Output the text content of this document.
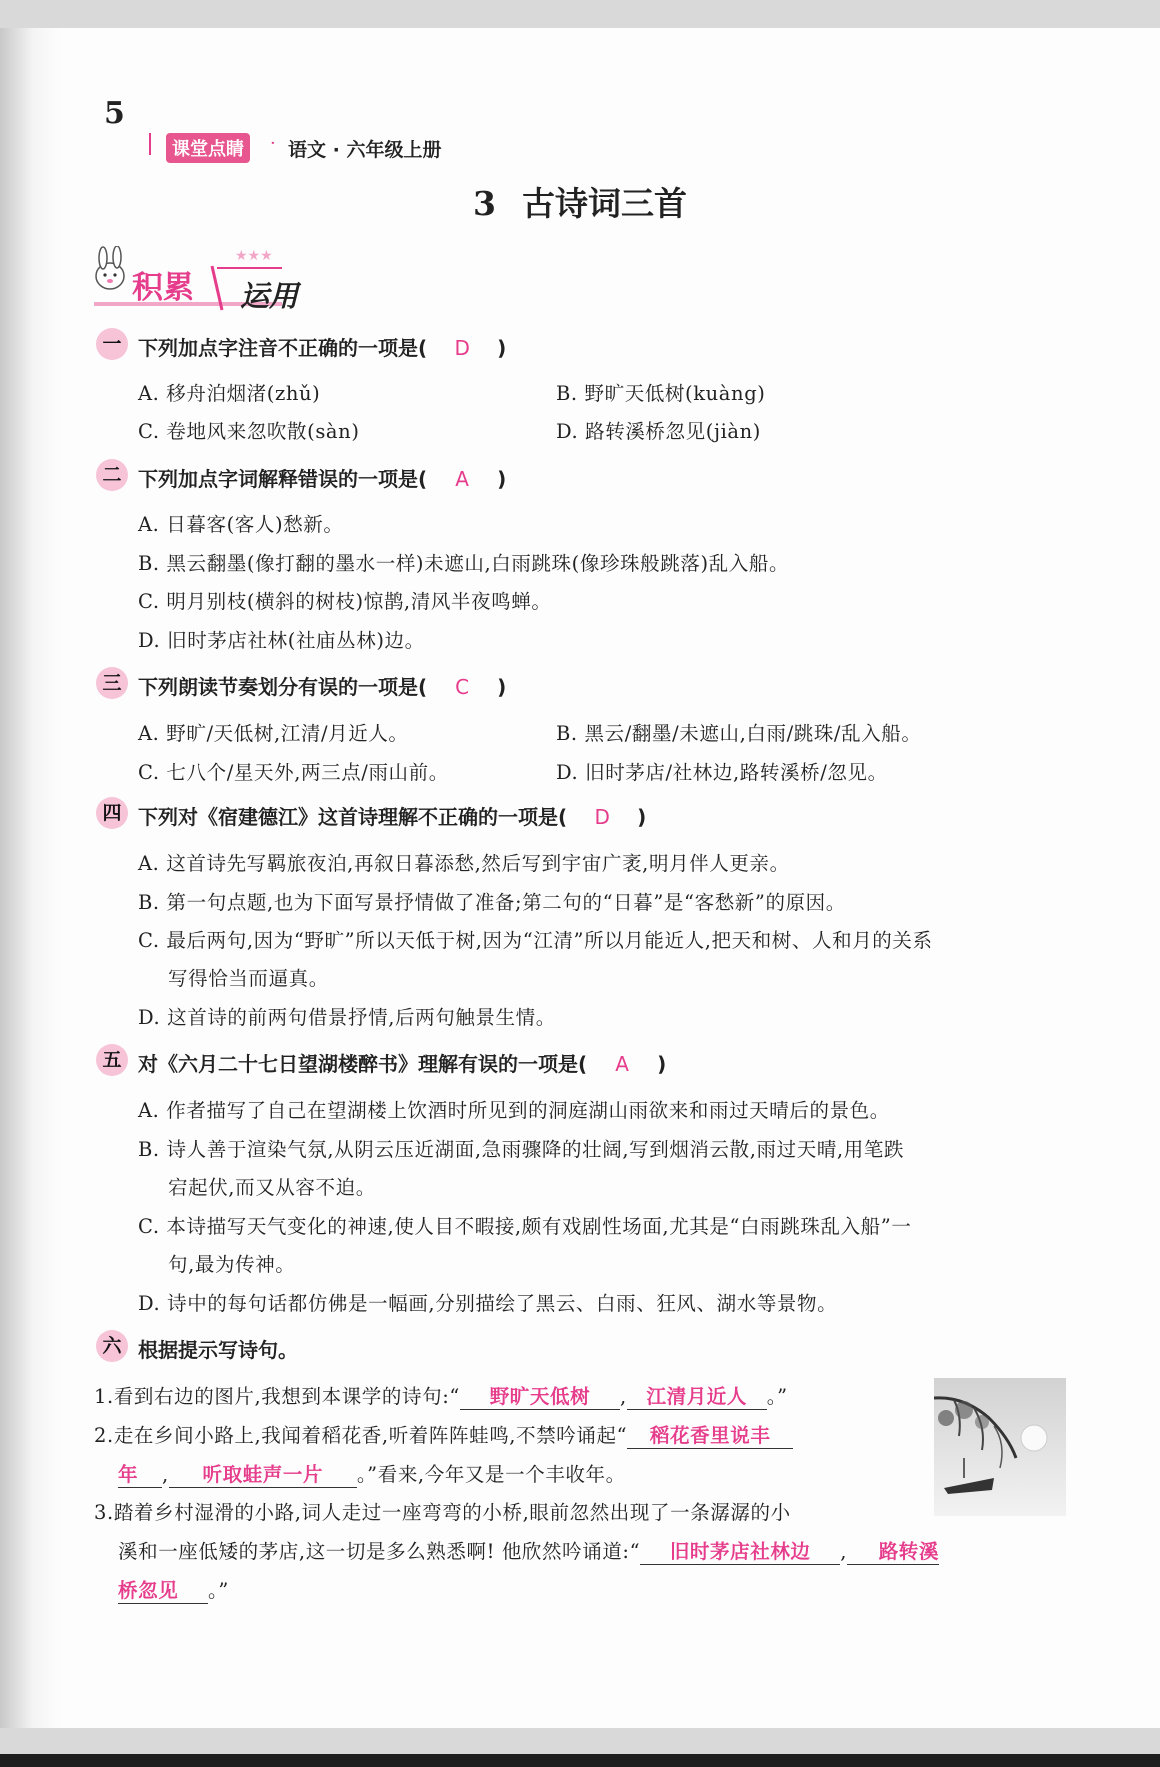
5
课堂点睛	· 语文 · 六年级上册
3 古诗词三首
★★★
积累 运用
一 下列加点字注音不正确的一项是( D )
A. 移舟泊烟渚(zhǔ)	B. 野旷天低树(kuàng)
C. 卷地风来忽吹散(sàn)	D. 路转溪桥忽见(jiàn)
二 下列加点字词解释错误的一项是( A )
A. 日暮客(客人)愁新。
B. 黑云翻墨(像打翻的墨水一样)未遮山,白雨跳珠(像珍珠般跳落)乱入船。
C. 明月别枝(横斜的树枝)惊鹊,清风半夜鸣蝉。
D. 旧时茅店社林(社庙丛林)边。
三 下列朗读节奏划分有误的一项是( C )
A. 野旷/天低树,江清/月近人。	B. 黑云/翻墨/未遮山,白雨/跳珠/乱入船。
C. 七八个/星天外,两三点/雨山前。	D. 旧时茅店/社林边,路转溪桥/忽见。
四 下列对《宿建德江》这首诗理解不正确的一项是( D )
A. 这首诗先写羁旅夜泊,再叙日暮添愁,然后写到宇宙广袤,明月伴人更亲。
B. 第一句点题,也为下面写景抒情做了准备;第二句的“日暮”是“客愁新”的原因。
C. 最后两句,因为“野旷”所以天低于树,因为“江清”所以月能近人,把天和树、人和月的关系
写得恰当而逼真。
D. 这首诗的前两句借景抒情,后两句触景生情。
五 对《六月二十七日望湖楼醉书》理解有误的一项是( A )
A. 作者描写了自己在望湖楼上饮酒时所见到的洞庭湖山雨欲来和雨过天晴后的景色。
B. 诗人善于渲染气氛,从阴云压近湖面,急雨骤降的壮阔,写到烟消云散,雨过天晴,用笔跌
宕起伏,而又从容不迫。
C. 本诗描写天气变化的神速,使人目不暇接,颇有戏剧性场面,尤其是“白雨跳珠乱入船”一
句,最为传神。
D. 诗中的每句话都仿佛是一幅画,分别描绘了黑云、白雨、狂风、湖水等景物。
六 根据提示写诗句。
1.看到右边的图片,我想到本课学的诗句:“ 野旷天低树 , 江清月近人 。”
2.走在乡间小路上,我闻着稻花香,听着阵阵蛙鸣,不禁吟诵起“ 稻花香里说丰
年 , 听取蛙声一片 。”看来,今年又是一个丰收年。
3.踏着乡村湿滑的小路,词人走过一座弯弯的小桥,眼前忽然出现了一条潺潺的小
溪和一座低矮的茅店,这一切是多么熟悉啊! 他欣然吟诵道:“ 旧时茅店社林边 , 路转溪
桥忽见 。”
